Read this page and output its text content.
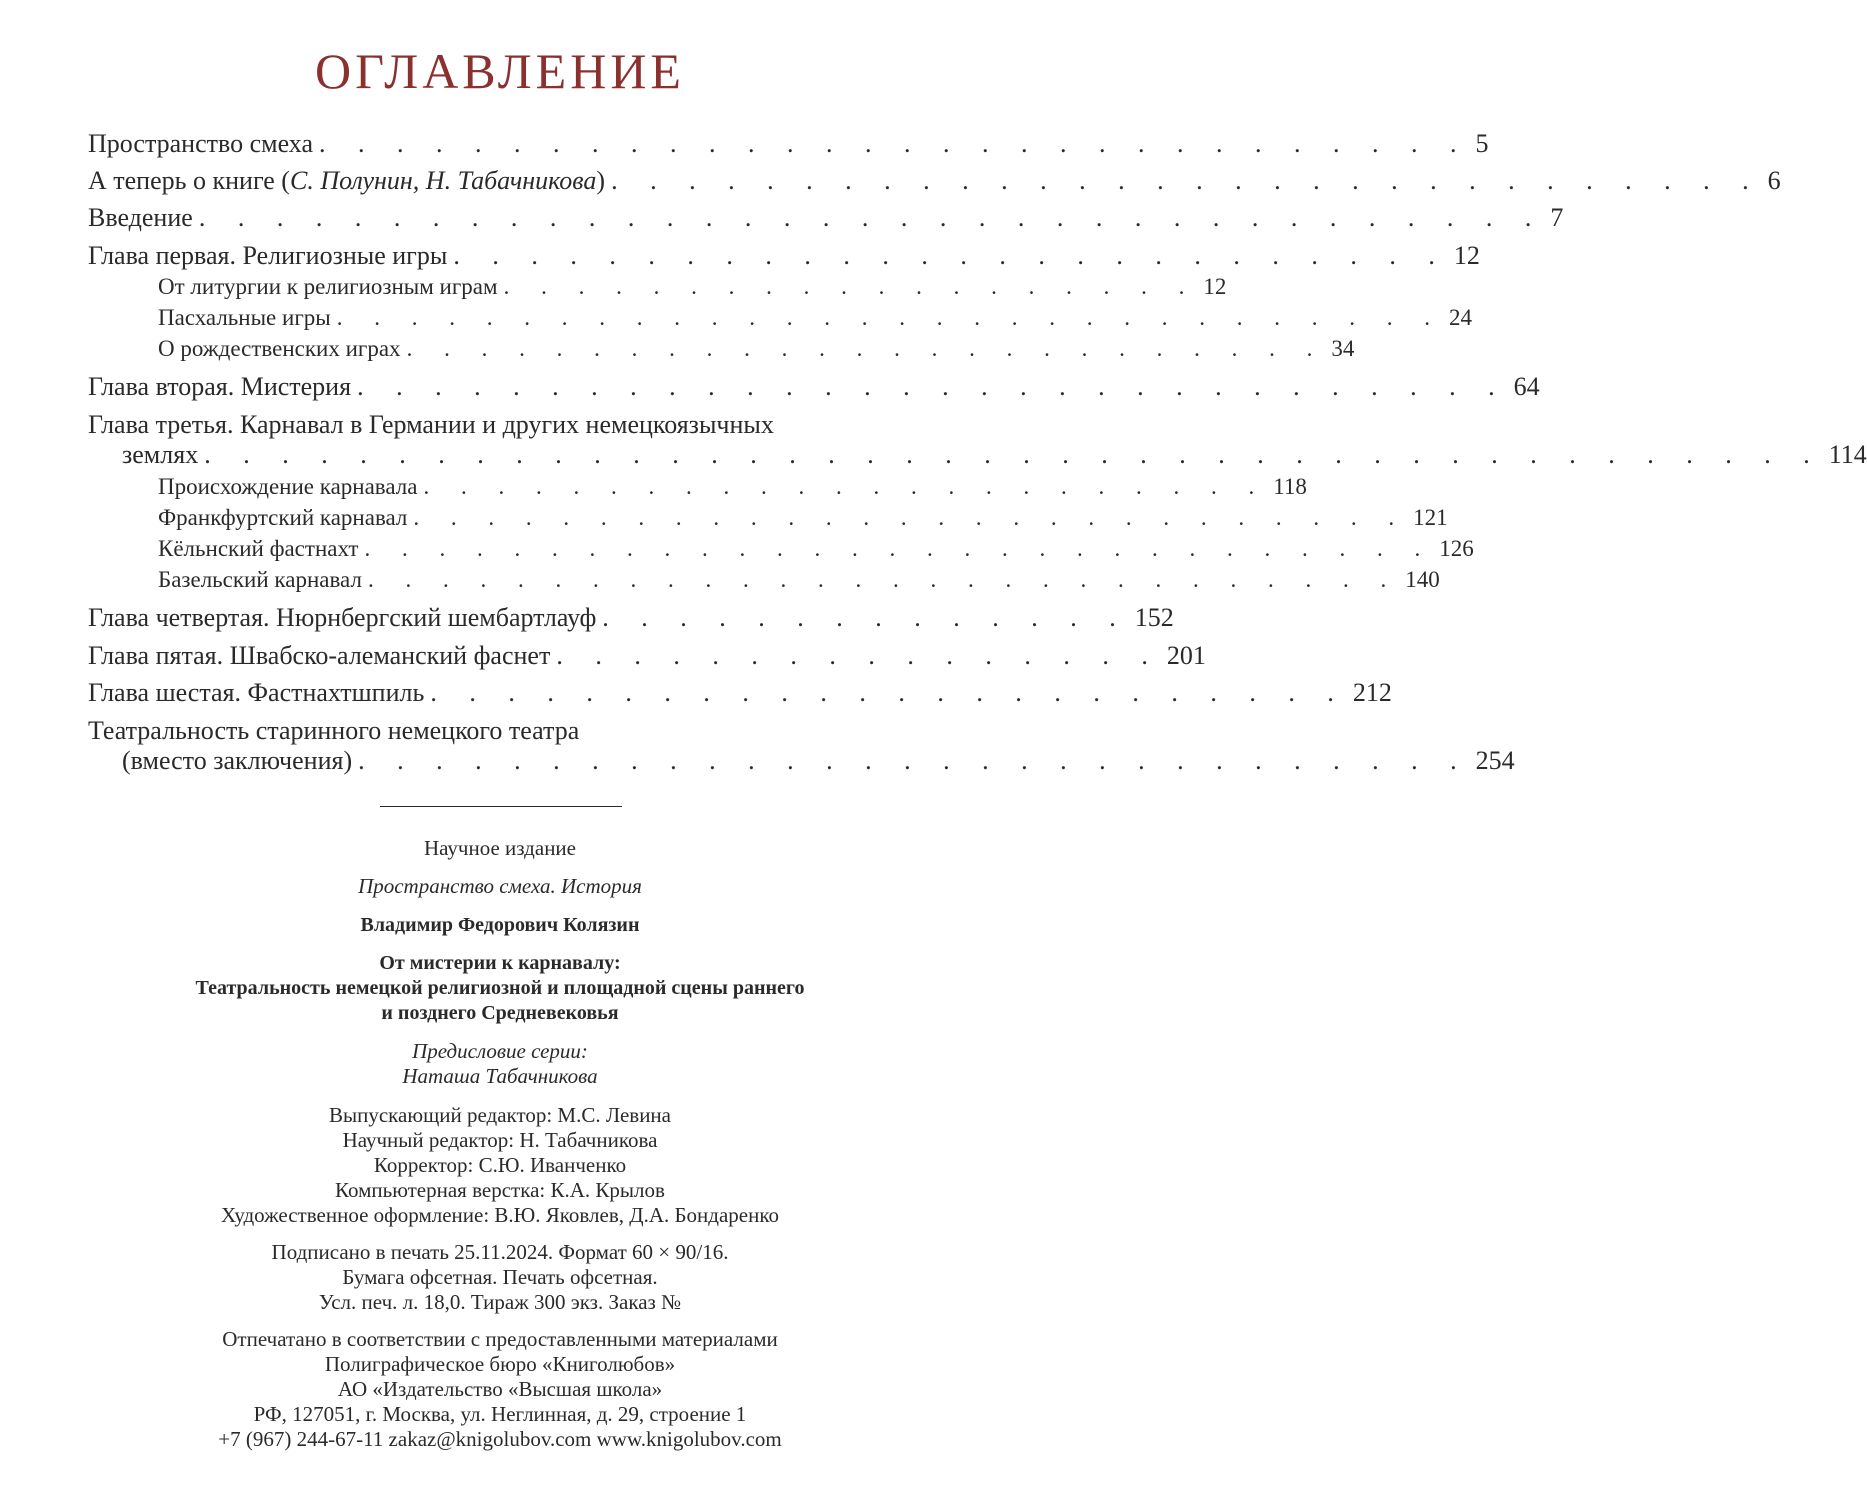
ОГЛАВЛЕНИЕ
Пространство смеха . . . . . . . . . . . . . . . . . . . . . . . . . . . . . . 5
А теперь о книге (С. Полунин, Н. Табачникова) . . . . . . . . . . . . . . . . . . . . . . . . . . . . . . 6
Введение . . . . . . . . . . . . . . . . . . . . . . . . . . . . . . . . . . . 7
Глава первая. Религиозные игры . . . . . . . . . . . . . . . . . . . . . . . . . . 12
От литургии к религиозным играм . . . . . . . . . . . . . . . . . . . 12
Пасхальные игры . . . . . . . . . . . . . . . . . . . . . . . . . . . . . . 24
О рождественских играх . . . . . . . . . . . . . . . . . . . . . . . . . 34
Глава вторая. Мистерия . . . . . . . . . . . . . . . . . . . . . . . . . . . . . . 64
Глава третья. Карнавал в Германии и других немецкоязычных
землях . . . . . . . . . . . . . . . . . . . . . . . . . . . . . . . . . . . . . . . . . . 114
Происхождение карнавала . . . . . . . . . . . . . . . . . . . . . . . 118
Франкфуртский карнавал . . . . . . . . . . . . . . . . . . . . . . . . . . . 121
Кёльнский фастнахт . . . . . . . . . . . . . . . . . . . . . . . . . . . . . 126
Базельский карнавал . . . . . . . . . . . . . . . . . . . . . . . . . . . . 140
Глава четвертая. Нюрнбергский шембартлауф . . . . . . . . . . . . . . 152
Глава пятая. Швабско-алеманский фаснет . . . . . . . . . . . . . . . . 201
Глава шестая. Фастнахтшпиль . . . . . . . . . . . . . . . . . . . . . . . . 212
Театральность старинного немецкого театра
(вместо заключения) . . . . . . . . . . . . . . . . . . . . . . . . . . . . . 254
Научное издание
Пространство смеха. История
Владимир Федорович Колязин
От мистерии к карнавалу:
Театральность немецкой религиозной и площадной сцены раннего
и позднего Средневековья
Предисловие серии:
Наташа Табачникова
Выпускающий редактор: М.С. Левина
Научный редактор: Н. Табачникова
Корректор: С.Ю. Иванченко
Компьютерная верстка: К.А. Крылов
Художественное оформление: В.Ю. Яковлев, Д.А. Бондаренко
Подписано в печать 25.11.2024. Формат 60 × 90/16.
Бумага офсетная. Печать офсетная.
Усл. печ. л. 18,0. Тираж 300 экз. Заказ №
Отпечатано в соответствии с предоставленными материалами
Полиграфическое бюро «Книголюбов»
АО «Издательство «Высшая школа»
РФ, 127051, г. Москва, ул. Неглинная, д. 29, строение 1
+7 (967) 244-67-11 zakaz@knigolubov.com www.knigolubov.com
